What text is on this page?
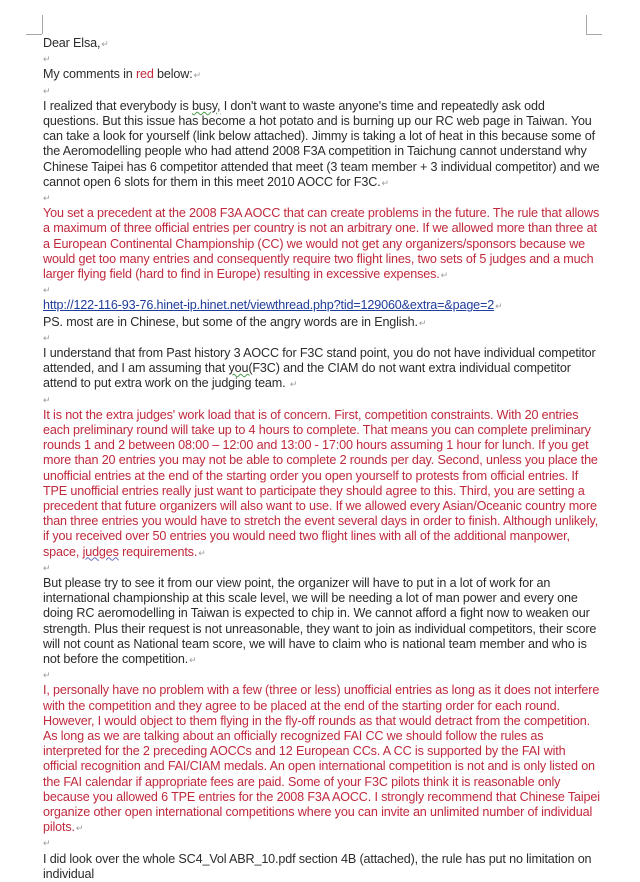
Dear Elsa,↵

↵

My comments in red below:↵

↵

I realized that everybody is busy, I don't want to waste anyone's time and repeatedly ask odd questions. But this issue has become a hot potato and is burning up our RC web page in Taiwan. You can take a look for yourself (link below attached). Jimmy is taking a lot of heat in this because some of the Aeromodelling people who had attend 2008 F3A competition in Taichung cannot understand why Chinese Taipei has 6 competitor attended that meet (3 team member + 3 individual competitor) and we cannot open 6 slots for them in this meet 2010 AOCC for F3C.↵

↵

You set a precedent at the 2008 F3A AOCC that can create problems in the future. The rule that allows a maximum of three official entries per country is not an arbitrary one. If we allowed more than three at a European Continental Championship (CC) we would not get any organizers/sponsors because we would get too many entries and consequently require two flight lines, two sets of 5 judges and a much larger flying field (hard to find in Europe) resulting in excessive expenses.↵

↵

http://122-116-93-76.hinet-ip.hinet.net/viewthread.php?tid=129060&extra=&page=2↵

PS. most are in Chinese, but some of the angry words are in English.↵

↵

I understand that from Past history 3 AOCC for F3C stand point, you do not have individual competitor attended, and I am assuming that you(F3C) and the CIAM do not want extra individual competitor attend to put extra work on the judging team. ↵

↵

It is not the extra judges' work load that is of concern. First, competition constraints. With 20 entries each preliminary round will take up to 4 hours to complete. That means you can complete preliminary rounds 1 and 2 between 08:00 – 12:00 and 13:00 - 17:00 hours assuming 1 hour for lunch. If you get more than 20 entries you may not be able to complete 2 rounds per day. Second, unless you place the unofficial entries at the end of the starting order you open yourself to protests from official entries. If TPE unofficial entries really just want to participate they should agree to this. Third, you are setting a precedent that future organizers will also want to use. If we allowed every Asian/Oceanic country more than three entries you would have to stretch the event several days in order to finish. Although unlikely, if you received over 50 entries you would need two flight lines with all of the additional manpower, space, judges requirements.↵

↵

But please try to see it from our view point, the organizer will have to put in a lot of work for an international championship at this scale level, we will be needing a lot of man power and every one doing RC aeromodelling in Taiwan is expected to chip in. We cannot afford a fight now to weaken our strength. Plus their request is not unreasonable, they want to join as individual competitors, their score will not count as National team score, we will have to claim who is national team member and who is not before the competition.↵

↵

I, personally have no problem with a few (three or less) unofficial entries as long as it does not interfere with the competition and they agree to be placed at the end of the starting order for each round. However, I would object to them flying in the fly-off rounds as that would detract from the competition. As long as we are talking about an officially recognized FAI CC we should follow the rules as interpreted for the 2 preceding AOCCs and 12 European CCs. A CC is supported by the FAI with official recognition and FAI/CIAM medals. An open international competition is not and is only listed on the FAI calendar if appropriate fees are paid. Some of your F3C pilots think it is reasonable only because you allowed 6 TPE entries for the 2008 F3A AOCC. I strongly recommend that Chinese Taipei organize other open international competitions where you can invite an unlimited number of individual pilots.↵

↵

I did look over the whole SC4_Vol ABR_10.pdf section 4B (attached), the rule has put no limitation on individual
